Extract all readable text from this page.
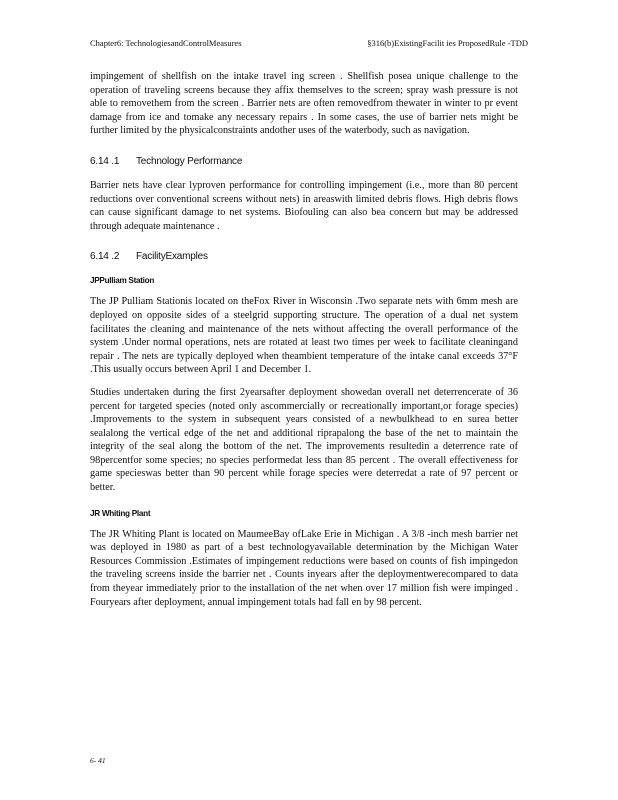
Chapter6: TechnologiesandControlMeasures	§316(b)ExistingFacilit ies ProposedRule -TDD

impingement of shellfish on the intake travel ing screen . Shellfish posea unique challenge to the operation of traveling screens because they affix themselves to the screen; spray wash pressure is not able to removethem from the screen . Barrier nets are often removedfrom thewater in winter to pr event damage from ice and tomake any necessary repairs . In some cases, the use of barrier nets might be further limited by the physicalconstraints andother uses of the waterbody, such as navigation.

6.14 .1 Technology Performance

Barrier nets have clear lyproven performance for controlling impingement (i.e., more than 80 percent reductions over conventional screens without nets) in areaswith limited debris flows. High debris flows can cause significant damage to net systems. Biofouling can also bea concern but may be addressed through adequate maintenance .

6.14 .2 FacilityExamples
JPPulliam Station

The JP Pulliam Stationis located on theFox River in Wisconsin .Two separate nets with 6mm mesh are deployed on opposite sides of a steelgrid supporting structure. The operation of a dual net system facilitates the cleaning and maintenance of the nets without affecting the overall performance of the system .Under normal operations, nets are rotated at least two times per week to facilitate cleaningand repair . The nets are typically deployed when theambient temperature of the intake canal exceeds 37°F .This usually occurs between April 1 and December 1.

Studies undertaken during the first 2yearsafter deployment showedan overall net deterrencerate of 36 percent for targeted species (noted only ascommercially or recreationally important,or forage species) .Improvements to the system in subsequent years consisted of a newbulkhead to en surea better sealalong the vertical edge of the net and additional riprapalong the base of the net to maintain the integrity of the seal along the bottom of the net. The improvements resultedin a deterrence rate of 98percentfor some species; no species performedat less than 85 percent . The overall effectiveness for game specieswas better than 90 percent while forage species were deterredat a rate of 97 percent or better.

JR Whiting Plant

The JR Whiting Plant is located on MaumeeBay ofLake Erie in Michigan . A 3/8 -inch mesh barrier net was deployed in 1980 as part of a best technologyavailable determination by the Michigan Water Resources Commission .Estimates of impingement reductions were based on counts of fish impingedon the traveling screens inside the barrier net . Counts inyears after the deploymentwerecompared to data from theyear immediately prior to the installation of the net when over 17 million fish were impinged . Fouryears after deployment, annual impingement totals had fall en by 98 percent.

6- 41
